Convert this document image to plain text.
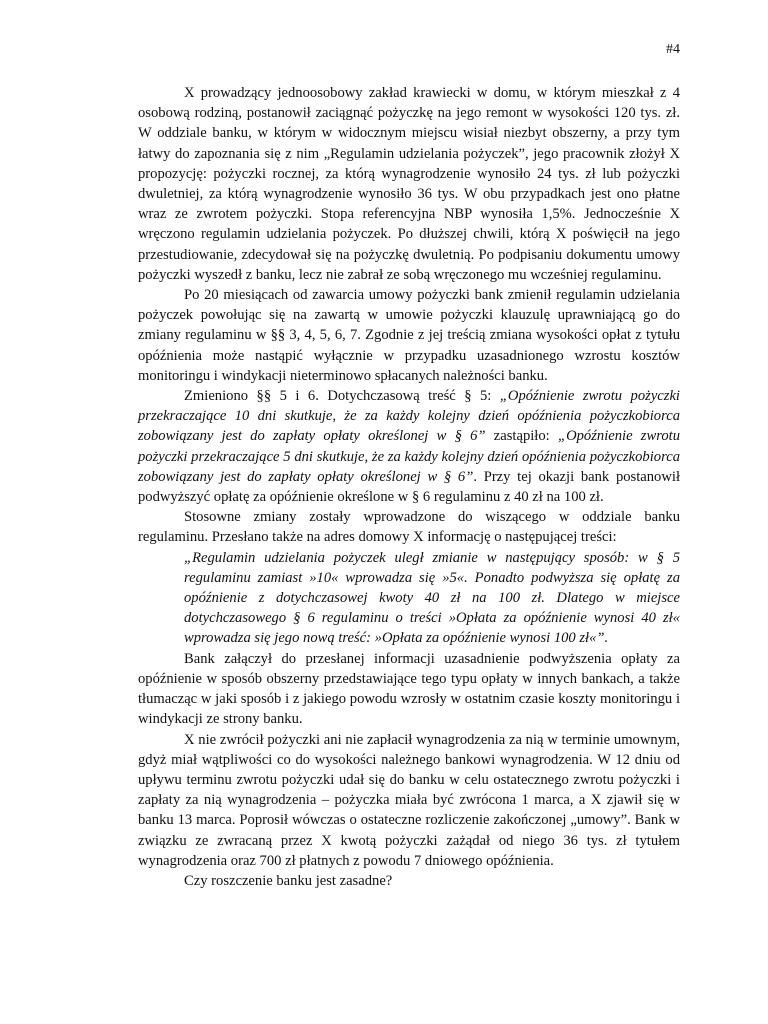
#4

X prowadzący jednoosobowy zakład krawiecki w domu, w którym mieszkał z 4 osobową rodziną, postanowił zaciągnąć pożyczkę na jego remont w wysokości 120 tys. zł. W oddziale banku, w którym w widocznym miejscu wisiał niezbyt obszerny, a przy tym łatwy do zapoznania się z nim „Regulamin udzielania pożyczek”, jego pracownik złożył X propozycję: pożyczki rocznej, za którą wynagrodzenie wynosiło 24 tys. zł lub pożyczki dwuletniej, za którą wynagrodzenie wynosiło 36 tys. W obu przypadkach jest ono płatne wraz ze zwrotem pożyczki. Stopa referencyjna NBP wynosiła 1,5%. Jednocześnie X wręczono regulamin udzielania pożyczek. Po dłuższej chwili, którą X poświęcił na jego przestudiowanie, zdecydował się na pożyczkę dwuletnią. Po podpisaniu dokumentu umowy pożyczki wyszedł z banku, lecz nie zabrał ze sobą wręczonego mu wcześniej regulaminu.

Po 20 miesiącach od zawarcia umowy pożyczki bank zmienił regulamin udzielania pożyczek powołując się na zawartą w umowie pożyczki klauzulę uprawniającą go do zmiany regulaminu w §§ 3, 4, 5, 6, 7. Zgodnie z jej treścią zmiana wysokości opłat z tytułu opóźnienia może nastąpić wyłącznie w przypadku uzasadnionego wzrostu kosztów monitoringu i windykacji nieterminowo spłacanych należności banku.

Zmieniono §§ 5 i 6. Dotychczasową treść § 5: „Opóźnienie zwrotu pożyczki przekraczające 10 dni skutkuje, że za każdy kolejny dzień opóźnienia pożyczkobiorca zobowiązany jest do zapłaty opłaty określonej w § 6” zastąpiło: „Opóźnienie zwrotu pożyczki przekraczające 5 dni skutkuje, że za każdy kolejny dzień opóźnienia pożyczkobiorca zobowiązany jest do zapłaty opłaty określonej w § 6”. Przy tej okazji bank postanowił podwyższyć opłatę za opóźnienie określone w § 6 regulaminu z 40 zł na 100 zł.

Stosowne zmiany zostały wprowadzone do wiszącego w oddziale banku regulaminu. Przesłano także na adres domowy X informację o następującej treści:

„Regulamin udzielania pożyczek uległ zmianie w następujący sposób: w § 5 regulaminu zamiast »10« wprowadza się »5«. Ponadto podwyższa się opłatę za opóźnienie z dotychczasowej kwoty 40 zł na 100 zł. Dlatego w miejsce dotychczasowego § 6 regulaminu o treści »Opłata za opóźnienie wynosi 40 zł« wprowadza się jego nową treść: »Opłata za opóźnienie wynosi 100 zł«”.

Bank załączył do przesłanej informacji uzasadnienie podwyższenia opłaty za opóźnienie w sposób obszerny przedstawiające tego typu opłaty w innych bankach, a także tłumacząc w jaki sposób i z jakiego powodu wzrosły w ostatnim czasie koszty monitoringu i windykacji ze strony banku.

X nie zwrócił pożyczki ani nie zapłacił wynagrodzenia za nią w terminie umownym, gdyż miał wątpliwości co do wysokości należnego bankowi wynagrodzenia. W 12 dniu od upływu terminu zwrotu pożyczki udał się do banku w celu ostatecznego zwrotu pożyczki i zapłaty za nią wynagrodzenia – pożyczka miała być zwrócona 1 marca, a X zjawił się w banku 13 marca. Poprosił wówczas o ostateczne rozliczenie zakończonej „umowy”. Bank w związku ze zwracaną przez X kwotą pożyczki zażądał od niego 36 tys. zł tytułem wynagrodzenia oraz 700 zł płatnych z powodu 7 dniowego opóźnienia.

Czy roszczenie banku jest zasadne?
